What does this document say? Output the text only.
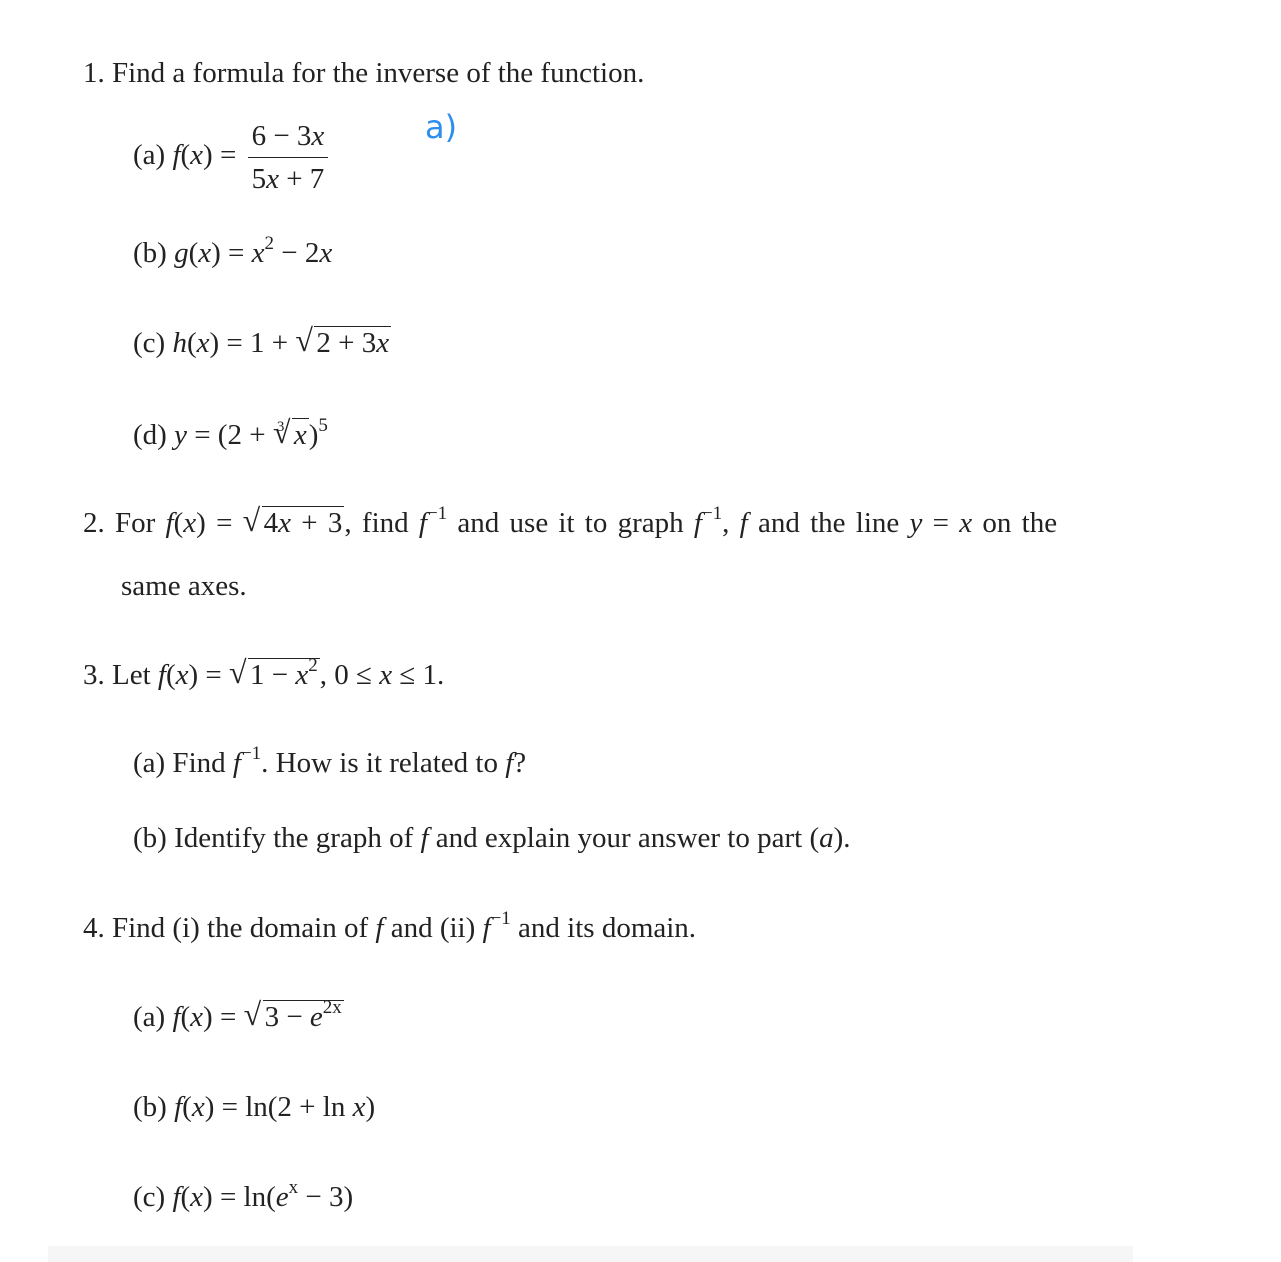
1. Find a formula for the inverse of the function.
(a) $f(x) = \frac{6 - 3x}{5x + 7}$
(b) $g(x) = x^2 - 2x$
(c) h(x) = 1 + √ 2 + 3x
(d) y = (2 + √ 3 x)$^5$
2. For f(x) = √ 4x + 3, find $f^{-1}$ and use it to graph $f^{-1}$, f and the line y = x on the
same axes.
3. Let f(x) = √ $1 - x^2$, 0 ≤ x ≤ 1.
(a) Find $f^{-1}$. How is it related to f?
(b) Identify the graph of f and explain your answer to part (a).
4. Find (i) the domain of f and (ii) $f^{-1}$ and its domain.
(a) f(x) = √ $3 - e^{2x}$
(b) f(x) = ln(2 + ln x)
(c) $f(x) = \ln(e^x - 3)$
a)
